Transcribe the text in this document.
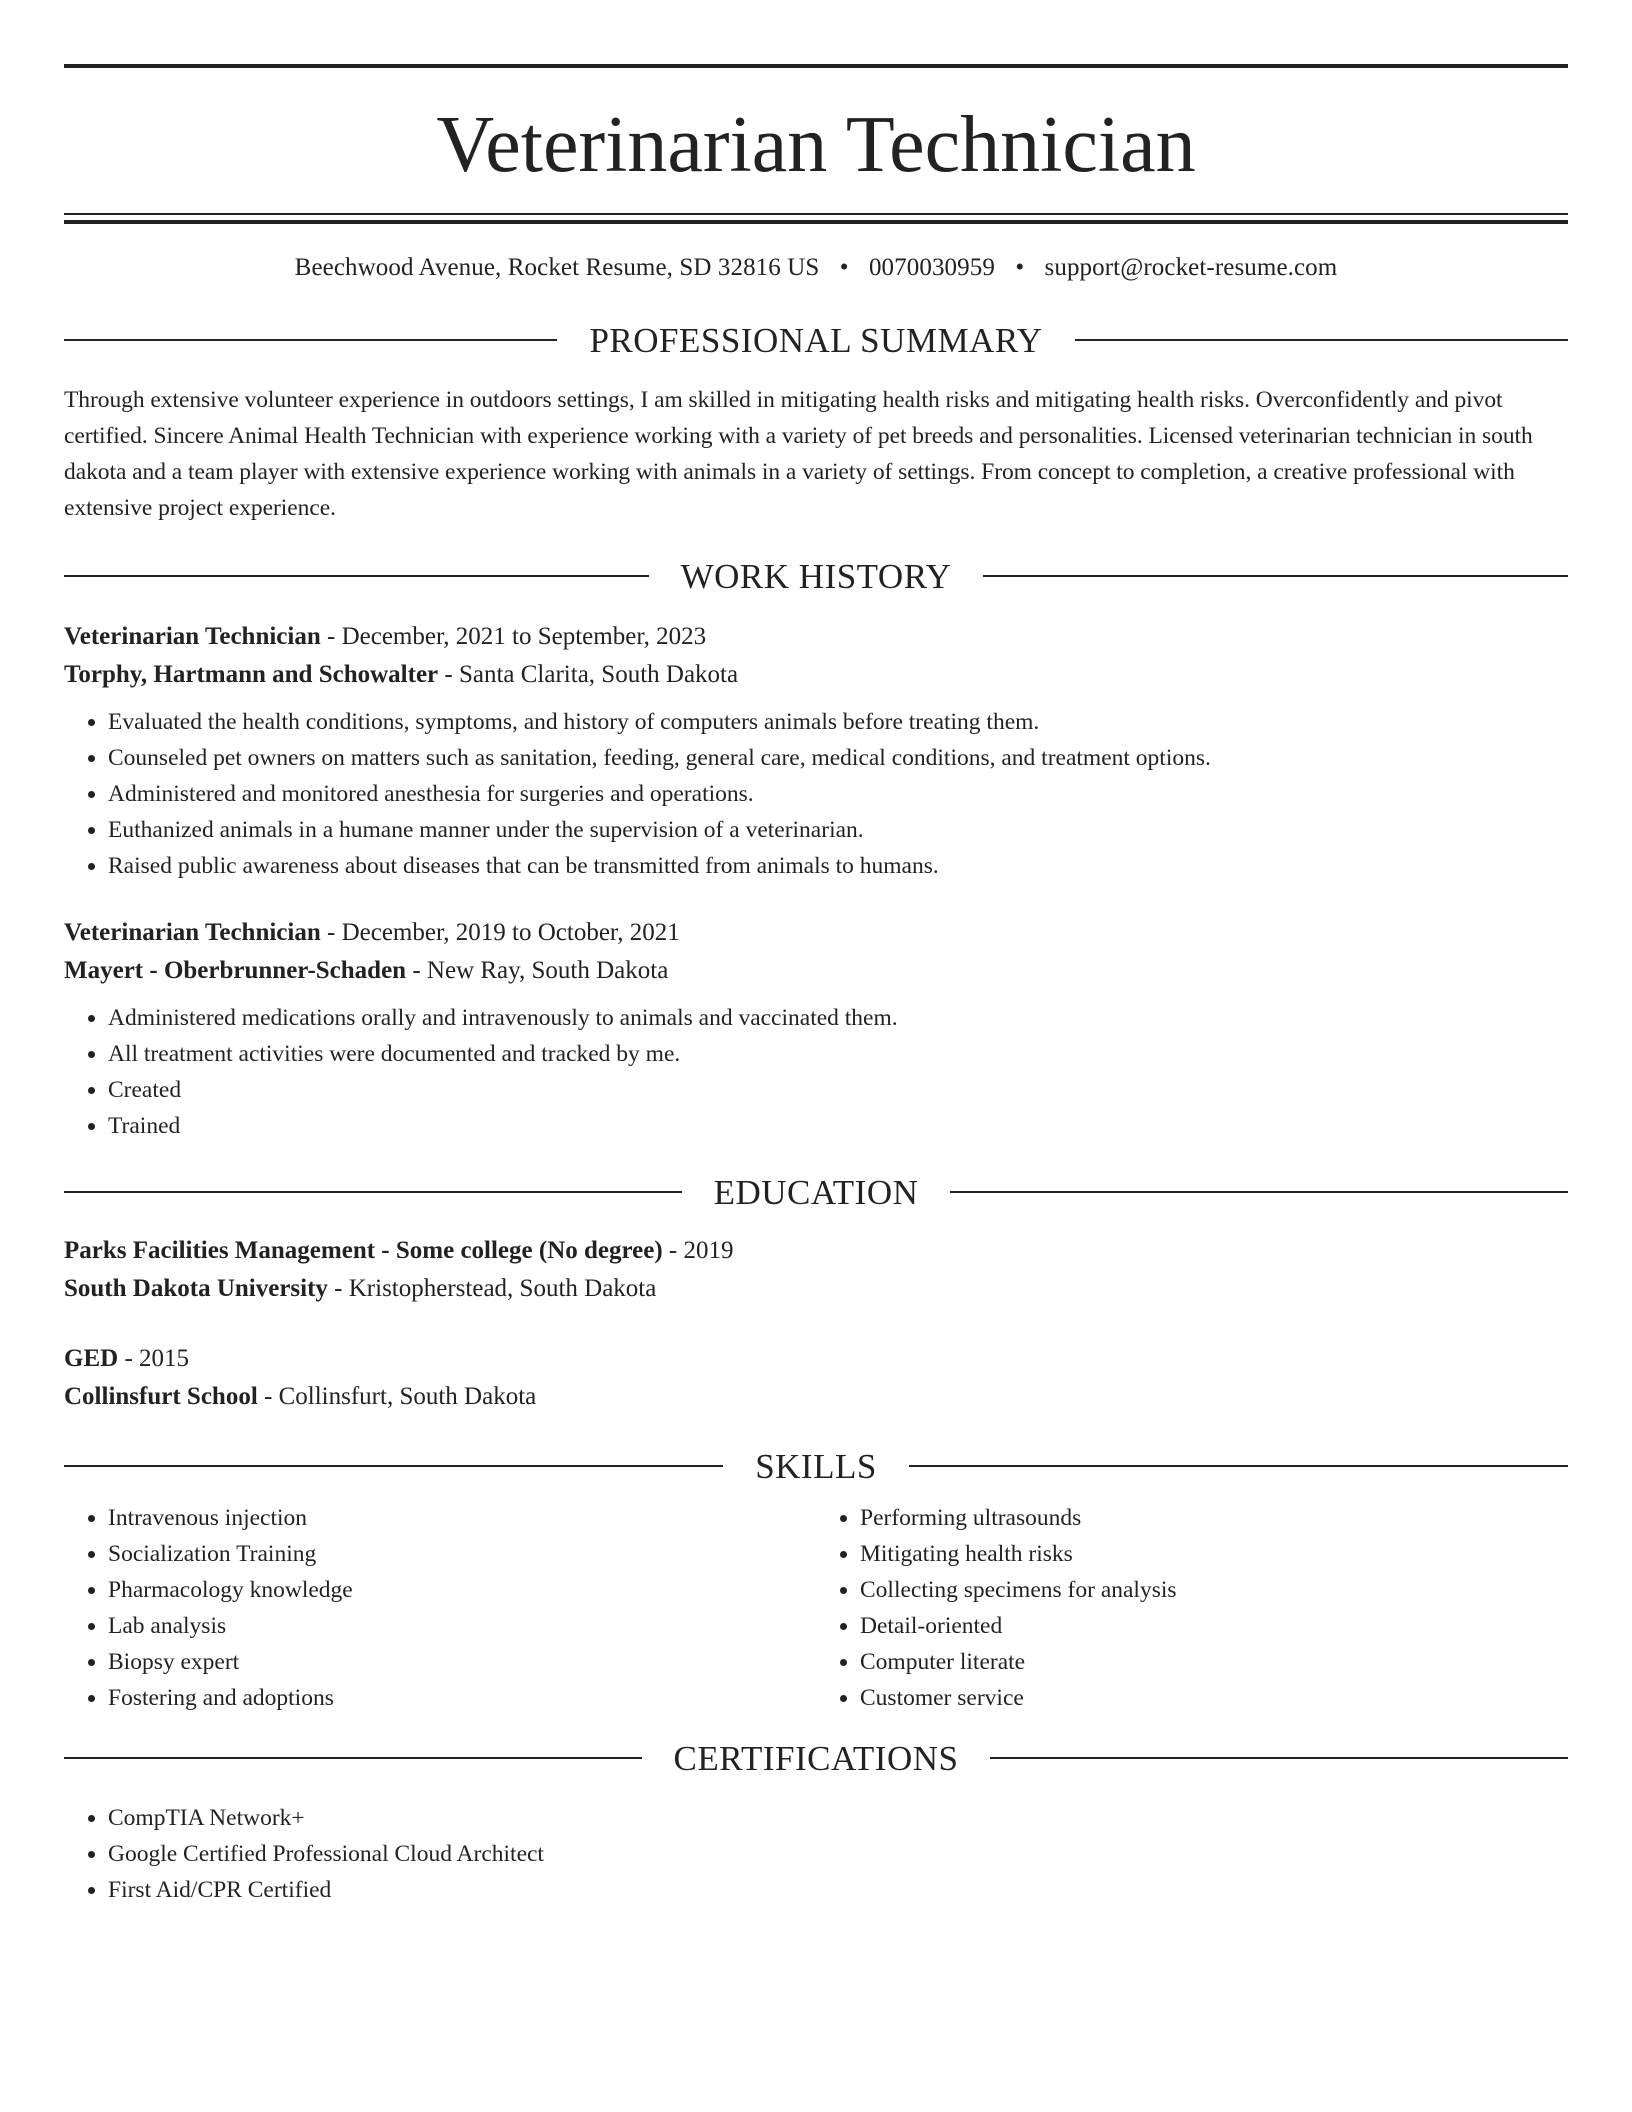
Veterinarian Technician
Beechwood Avenue, Rocket Resume, SD 32816 US • 0070030959 • support@rocket-resume.com
PROFESSIONAL SUMMARY
Through extensive volunteer experience in outdoors settings, I am skilled in mitigating health risks and mitigating health risks. Overconfidently and pivot certified. Sincere Animal Health Technician with experience working with a variety of pet breeds and personalities. Licensed veterinarian technician in south dakota and a team player with extensive experience working with animals in a variety of settings. From concept to completion, a creative professional with extensive project experience.
WORK HISTORY
Veterinarian Technician - December, 2021 to September, 2023
Torphy, Hartmann and Schowalter - Santa Clarita, South Dakota
• Evaluated the health conditions, symptoms, and history of computers animals before treating them.
• Counseled pet owners on matters such as sanitation, feeding, general care, medical conditions, and treatment options.
• Administered and monitored anesthesia for surgeries and operations.
• Euthanized animals in a humane manner under the supervision of a veterinarian.
• Raised public awareness about diseases that can be transmitted from animals to humans.
Veterinarian Technician - December, 2019 to October, 2021
Mayert - Oberbrunner-Schaden - New Ray, South Dakota
• Administered medications orally and intravenously to animals and vaccinated them.
• All treatment activities were documented and tracked by me.
• Created
• Trained
EDUCATION
Parks Facilities Management - Some college (No degree) - 2019
South Dakota University - Kristopherstead, South Dakota
GED - 2015
Collinsfurt School - Collinsfurt, South Dakota
SKILLS
• Intravenous injection
• Socialization Training
• Pharmacology knowledge
• Lab analysis
• Biopsy expert
• Fostering and adoptions
• Performing ultrasounds
• Mitigating health risks
• Collecting specimens for analysis
• Detail-oriented
• Computer literate
• Customer service
CERTIFICATIONS
• CompTIA Network+
• Google Certified Professional Cloud Architect
• First Aid/CPR Certified
